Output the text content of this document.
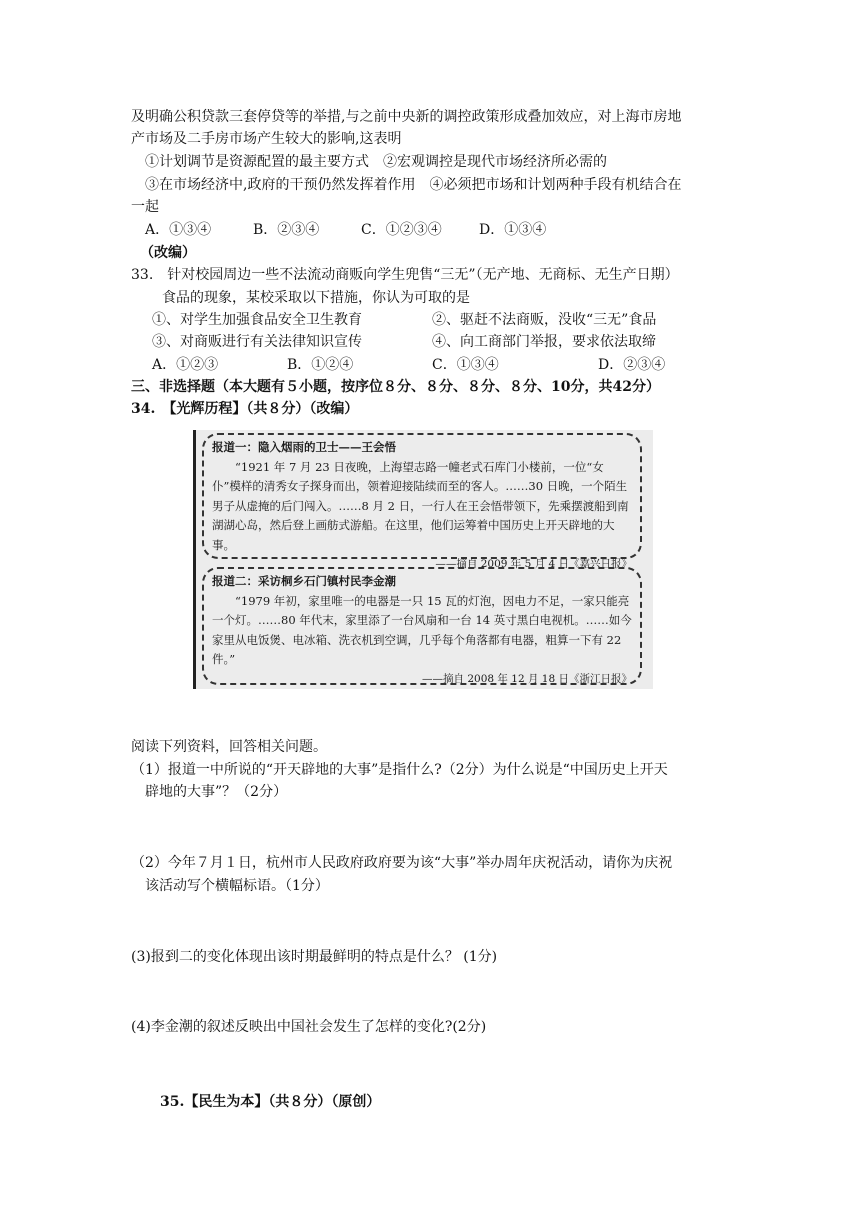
及明确公积贷款三套停贷等的举措,与之前中央新的调控政策形成叠加效应，对上海市房地
产市场及二手房市场产生较大的影响,这表明
①计划调节是资源配置的最主要方式　②宏观调控是现代市场经济所必需的
③在市场经济中,政府的干预仍然发挥着作用　④必须把市场和计划两种手段有机结合在
一起
A．①③④	B．②③④	C．①②③④	D．①③④
（改编）
33.　针对校园周边一些不法流动商贩向学生兜售“三无”（无产地、无商标、无生产日期）
食品的现象，某校采取以下措施，你认为可取的是
①、对学生加强食品安全卫生教育	②、驱赶不法商贩，没收“三无”食品
③、对商贩进行有关法律知识宣传	④、向工商部门举报，要求依法取缔
A．①②③	B．①②④	C．①③④	D．②③④
三、非选择题（本大题有５小题，按序位８分、８分、８分、８分、10分，共42分）
34.　【光辉历程】（共８分）（改编）

报道一：隐入烟雨的卫士——王会悟

“1921 年 7 月 23 日夜晚，上海望志路一幢老式石库门小楼前，一位“女仆”模样的清秀女子探身而出，领着迎接陆续而至的客人。……30 日晚，一个陌生男子从虚掩的后门闯入。……8 月 2 日，一行人在王会悟带领下，先乘摆渡船到南湖湖心岛，然后登上画舫式游船。在这里，他们运筹着中国历史上开天辟地的大事。

——摘自 2009 年 5 月 4 日《嘉兴日报》

报道二：采访桐乡石门镇村民李金潮

“1979 年初，家里唯一的电器是一只 15 瓦的灯泡，因电力不足，一家只能亮一个灯。……80 年代末，家里添了一台风扇和一台 14 英寸黑白电视机。……如今家里从电饭煲、电冰箱、洗衣机到空调，几乎每个角落都有电器，粗算一下有 22 件。”

——摘自 2008 年 12 月 18 日《浙江日报》

阅读下列资料，回答相关问题。
（1）报道一中所说的“开天辟地的大事”是指什么?（2分）为什么说是“中国历史上开天
辟地的大事”？（2分）
（2）今年７月１日，杭州市人民政府政府要为该“大事”举办周年庆祝活动，请你为庆祝
该活动写个横幅标语。（1分）
(3)报到二的变化体现出该时期最鲜明的特点是什么？ (1分)
(4)李金潮的叙述反映出中国社会发生了怎样的变化?(2分)
35.【民生为本】（共８分）（原创）
